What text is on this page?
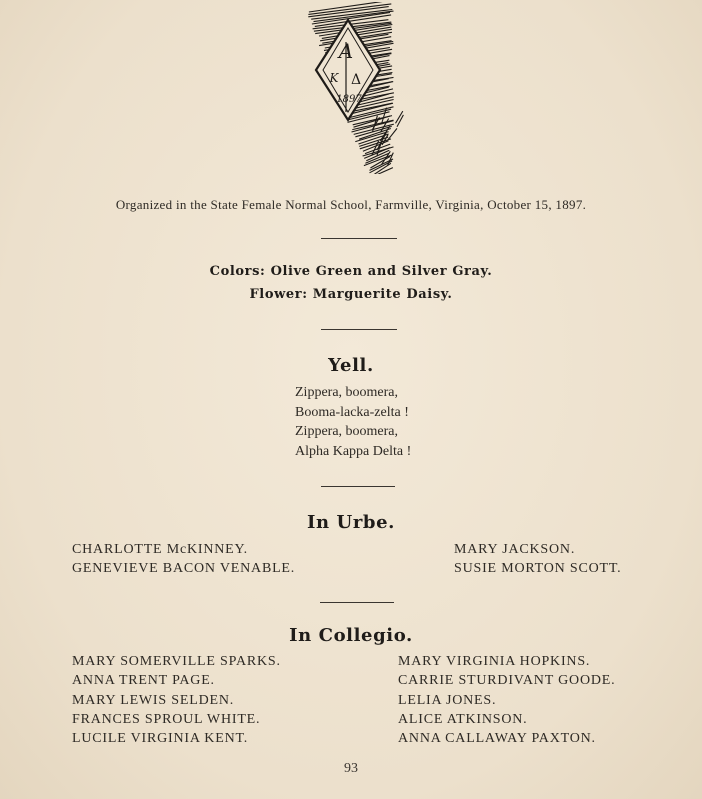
A
K Δ
1897
Organized in the State Female Normal School, Farmville, Virginia, October 15, 1897.
Colors: Olive Green and Silver Gray.
Flower: Marguerite Daisy.
Yell.
Zippera, boomera,
Booma-lacka-zelta !
Zippera, boomera,
Alpha Kappa Delta !
In Urbe.
CHARLOTTE McKINNEY.
GENEVIEVE BACON VENABLE.
MARY JACKSON.
SUSIE MORTON SCOTT.
In Collegio.
MARY SOMERVILLE SPARKS.
ANNA TRENT PAGE.
MARY LEWIS SELDEN.
FRANCES SPROUL WHITE.
LUCILE VIRGINIA KENT.
MARY VIRGINIA HOPKINS.
CARRIE STURDIVANT GOODE.
LELIA JONES.
ALICE ATKINSON.
ANNA CALLAWAY PAXTON.
93
